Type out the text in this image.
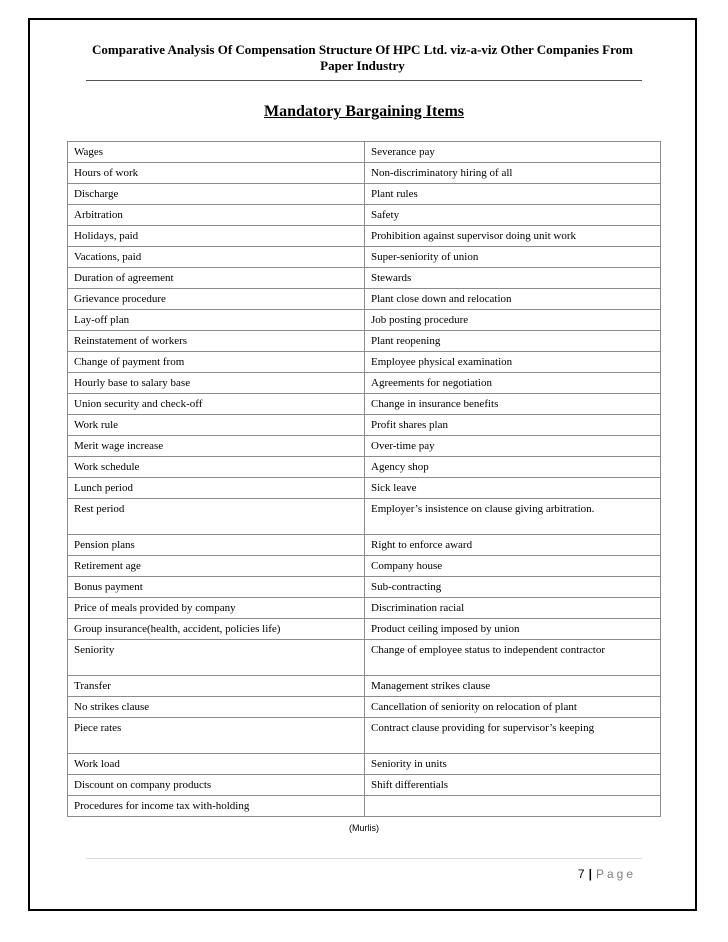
Comparative Analysis Of Compensation Structure Of HPC Ltd. viz-a-viz Other Companies From
Paper Industry
Mandatory Bargaining Items
Wages	Severance pay
Hours of work	Non-discriminatory hiring of all
Discharge	Plant rules
Arbitration	Safety
Holidays, paid	Prohibition against supervisor doing unit work
Vacations, paid	Super-seniority of union
Duration of agreement	Stewards
Grievance procedure	Plant close down and relocation
Lay-off plan	Job posting procedure
Reinstatement of workers	Plant reopening
Change of payment from	Employee physical examination
Hourly base to salary base	Agreements for negotiation
Union security and check-off	Change in insurance benefits
Work rule	Profit shares plan
Merit wage increase	Over-time pay
Work schedule	Agency shop
Lunch period	Sick leave
Rest period	Employer’s insistence on clause giving arbitration.
Pension plans	Right to enforce award
Retirement age	Company house
Bonus payment	Sub-contracting
Price of meals provided by company	Discrimination racial
Group insurance(health, accident, policies life)	Product ceiling imposed by union
Seniority	Change of employee status to independent contractor
Transfer	Management strikes clause
No strikes clause	Cancellation of seniority on relocation of plant
Piece rates	Contract clause providing for supervisor’s keeping
Work load	Seniority in units
Discount on company products	Shift differentials
Procedures for income tax with-holding	
(Murlis)
7 | Page
